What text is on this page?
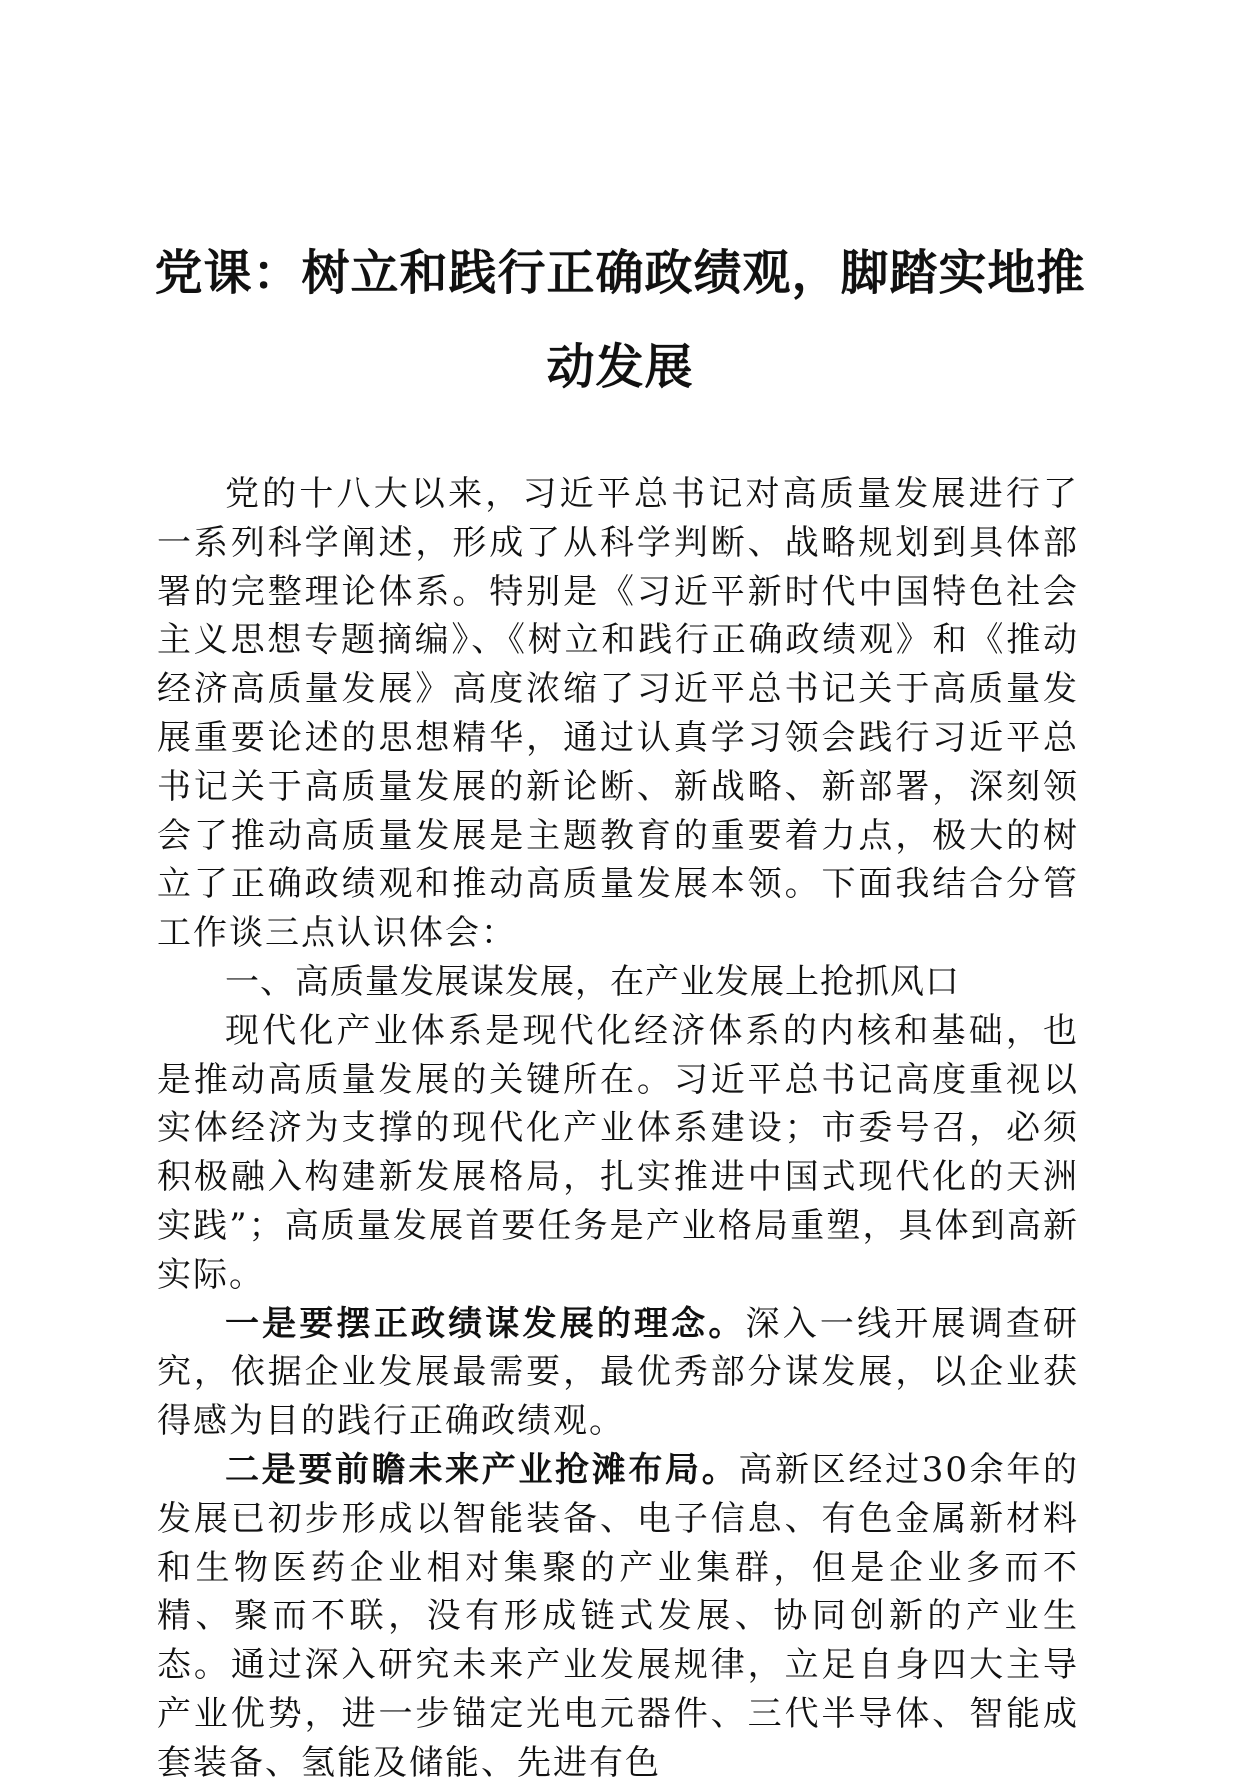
党课：树立和践行正确政绩观，脚踏实地推动发展

党的十八大以来，习近平总书记对高质量发展进行了一系列科学阐述，形成了从科学判断、战略规划到具体部署的完整理论体系。特别是《习近平新时代中国特色社会主义思想专题摘编》、《树立和践行正确政绩观》和《推动经济高质量发展》高度浓缩了习近平总书记关于高质量发展重要论述的思想精华，通过认真学习领会践行习近平总书记关于高质量发展的新论断、新战略、新部署，深刻领会了推动高质量发展是主题教育的重要着力点，极大的树立了正确政绩观和推动高质量发展本领。下面我结合分管工作谈三点认识体会：

一、高质量发展谋发展，在产业发展上抢抓风口

现代化产业体系是现代化经济体系的内核和基础，也是推动高质量发展的关键所在。习近平总书记高度重视以实体经济为支撑的现代化产业体系建设；市委号召，必须积极融入构建新发展格局，扎实推进中国式现代化的天洲实践”；高质量发展首要任务是产业格局重塑，具体到高新实际。

一是要摆正政绩谋发展的理念。深入一线开展调查研究，依据企业发展最需要，最优秀部分谋发展，以企业获得感为目的践行正确政绩观。

二是要前瞻未来产业抢滩布局。高新区经过30余年的发展已初步形成以智能装备、电子信息、有色金属新材料和生物医药企业相对集聚的产业集群，但是企业多而不精、聚而不联，没有形成链式发展、协同创新的产业生态。通过深入研究未来产业发展规律，立足自身四大主导产业优势，进一步锚定光电元器件、三代半导体、智能成套装备、氢能及储能、先进有色
